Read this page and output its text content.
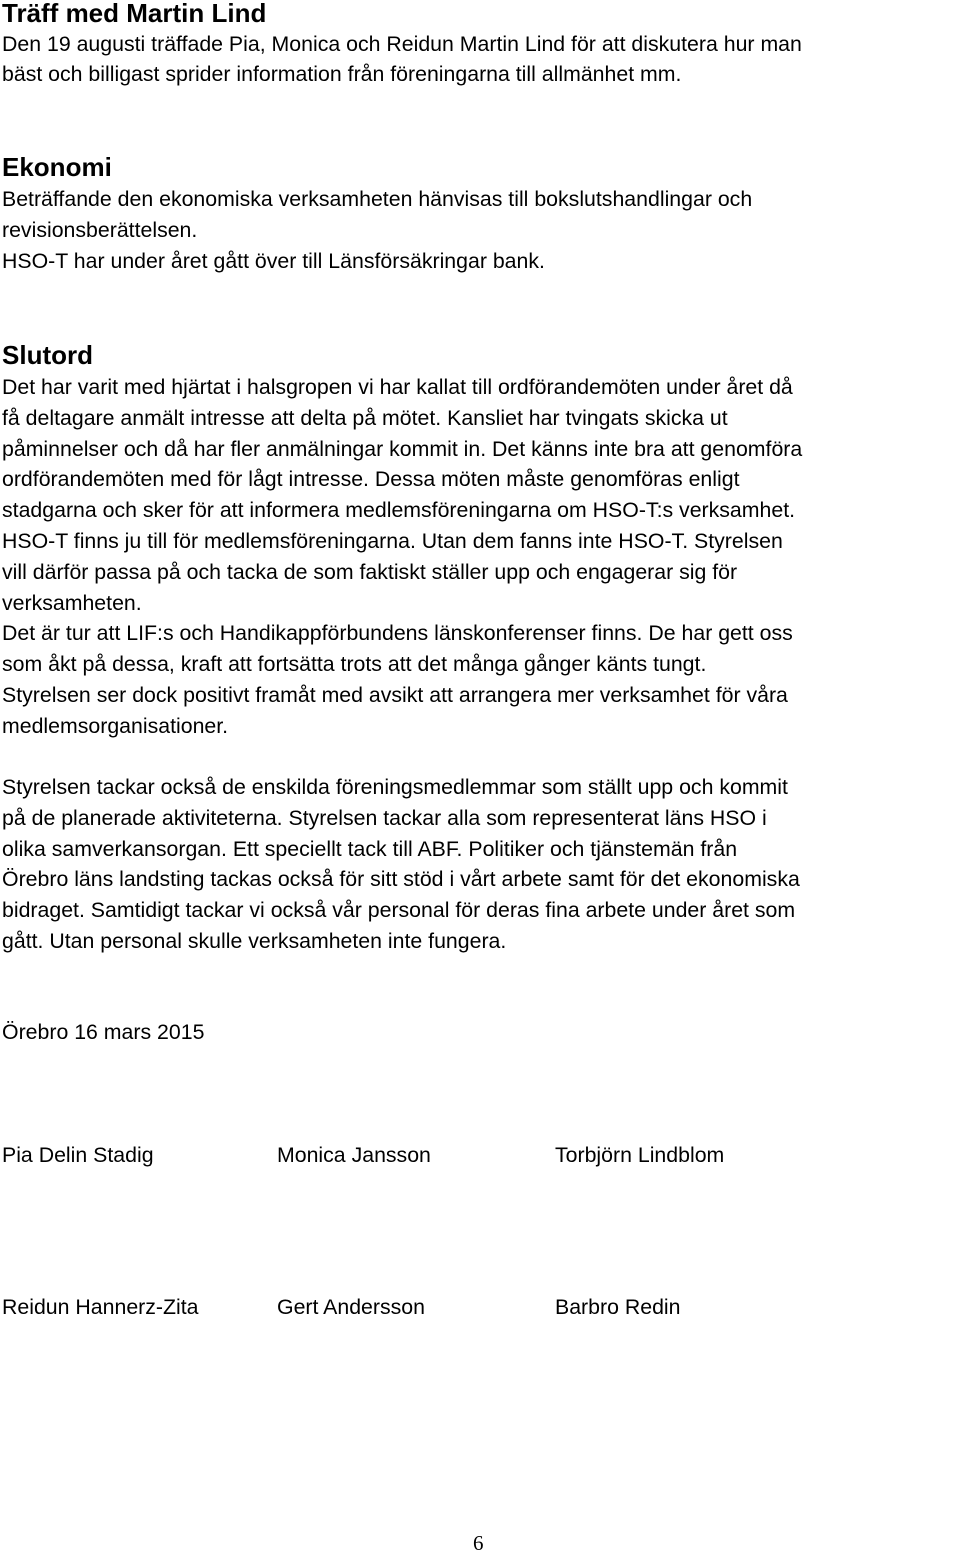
Träff med Martin Lind

Den 19 augusti träffade Pia, Monica och Reidun Martin Lind för att diskutera hur man
bäst och billigast sprider information från föreningarna till allmänhet mm.

Ekonomi

Beträffande den ekonomiska verksamheten hänvisas till bokslutshandlingar och
revisionsberättelsen.
HSO-T har under året gått över till Länsförsäkringar bank.

Slutord

Det har varit med hjärtat i halsgropen vi har kallat till ordförandemöten under året då
få deltagare anmält intresse att delta på mötet. Kansliet har tvingats skicka ut
påminnelser och då har fler anmälningar kommit in. Det känns inte bra att genomföra
ordförandemöten med för lågt intresse. Dessa möten måste genomföras enligt
stadgarna och sker för att informera medlemsföreningarna om HSO-T:s verksamhet.
HSO-T finns ju till för medlemsföreningarna. Utan dem fanns inte HSO-T. Styrelsen
vill därför passa på och tacka de som faktiskt ställer upp och engagerar sig för
verksamheten.
Det är tur att LIF:s och Handikappförbundens länskonferenser finns. De har gett oss
som åkt på dessa, kraft att fortsätta trots att det många gånger känts tungt.
Styrelsen ser dock positivt framåt med avsikt att arrangera mer verksamhet för våra
medlemsorganisationer.

Styrelsen tackar också de enskilda föreningsmedlemmar som ställt upp och kommit
på de planerade aktiviteterna. Styrelsen tackar alla som representerat läns HSO i
olika samverkansorgan. Ett speciellt tack till ABF. Politiker och tjänstemän från
Örebro läns landsting tackas också för sitt stöd i vårt arbete samt för det ekonomiska
bidraget. Samtidigt tackar vi också vår personal för deras fina arbete under året som
gått. Utan personal skulle verksamheten inte fungera.

Örebro 16 mars 2015

Pia Delin Stadig	Monica Jansson	Torbjörn Lindblom
Reidun Hannerz-Zita	Gert Andersson	Barbro Redin
6
